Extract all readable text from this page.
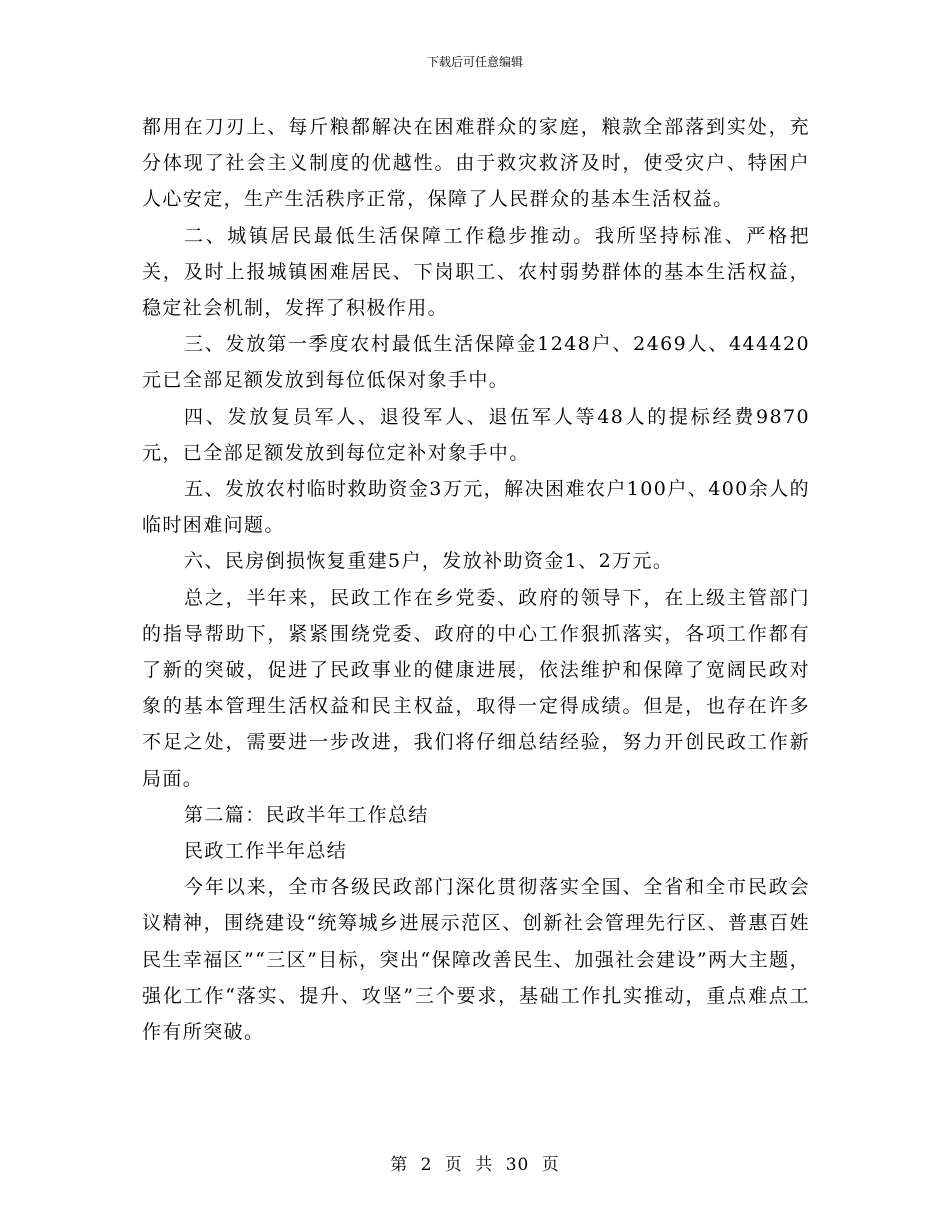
下载后可任意编辑

都用在刀刃上、每斤粮都解决在困难群众的家庭，粮款全部落到实处，充分体现了社会主义制度的优越性。由于救灾救济及时，使受灾户、特困户人心安定，生产生活秩序正常，保障了人民群众的基本生活权益。

二、城镇居民最低生活保障工作稳步推动。我所坚持标准、严格把关，及时上报城镇困难居民、下岗职工、农村弱势群体的基本生活权益，稳定社会机制，发挥了积极作用。

三、发放第一季度农村最低生活保障金1248户、2469人、444420元已全部足额发放到每位低保对象手中。

四、发放复员军人、退役军人、退伍军人等48人的提标经费9870元，已全部足额发放到每位定补对象手中。

五、发放农村临时救助资金3万元，解决困难农户100户、400余人的临时困难问题。

六、民房倒损恢复重建5户，发放补助资金1、2万元。

总之，半年来，民政工作在乡党委、政府的领导下，在上级主管部门的指导帮助下，紧紧围绕党委、政府的中心工作狠抓落实，各项工作都有了新的突破，促进了民政事业的健康进展，依法维护和保障了宽阔民政对象的基本管理生活权益和民主权益，取得一定得成绩。但是，也存在许多不足之处，需要进一步改进，我们将仔细总结经验，努力开创民政工作新局面。

第二篇：民政半年工作总结

民政工作半年总结

今年以来，全市各级民政部门深化贯彻落实全国、全省和全市民政会议精神，围绕建设“统筹城乡进展示范区、创新社会管理先行区、普惠百姓民生幸福区”“三区”目标，突出“保障改善民生、加强社会建设”两大主题，强化工作“落实、提升、攻坚”三个要求，基础工作扎实推动，重点难点工作有所突破。

第 2 页 共 30 页
